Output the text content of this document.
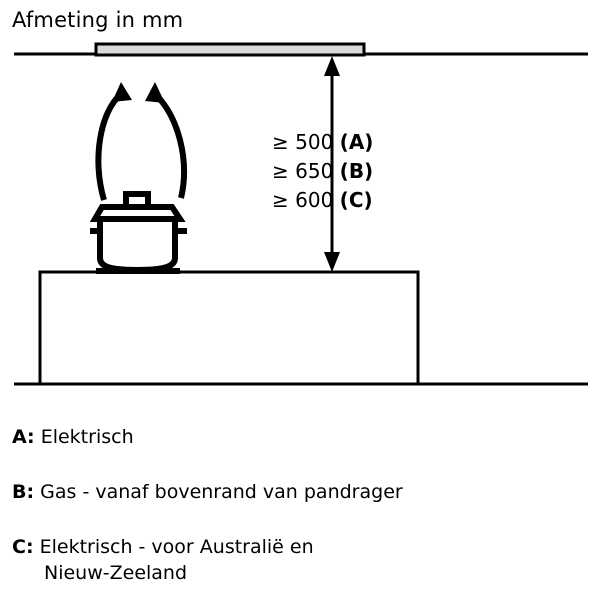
Afmeting in mm
≥ 500 (A)
≥ 650 (B)
≥ 600 (C)
A: Elektrisch
B: Gas - vanaf bovenrand van pandrager
C: Elektrisch - voor Australië en
Nieuw-Zeeland
